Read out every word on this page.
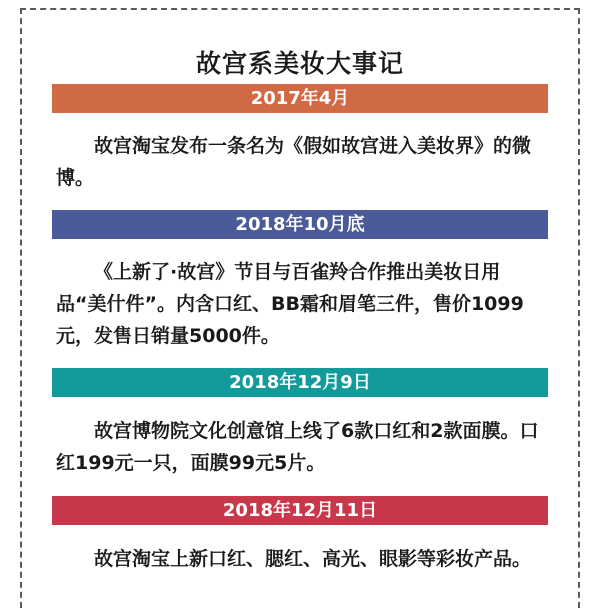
故宫系美妆大事记
2017年4月

故宫淘宝发布一条名为《假如故宫进入美妆界》的微博。

2018年10月底

《上新了·故宫》节目与百雀羚合作推出美妆日用品“美什件”。内含口红、BB霜和眉笔三件，售价1099元，发售日销量5000件。

2018年12月9日

故宫博物院文化创意馆上线了6款口红和2款面膜。口红199元一只，面膜99元5片。

2018年12月11日

故宫淘宝上新口红、腮红、高光、眼影等彩妆产品。
